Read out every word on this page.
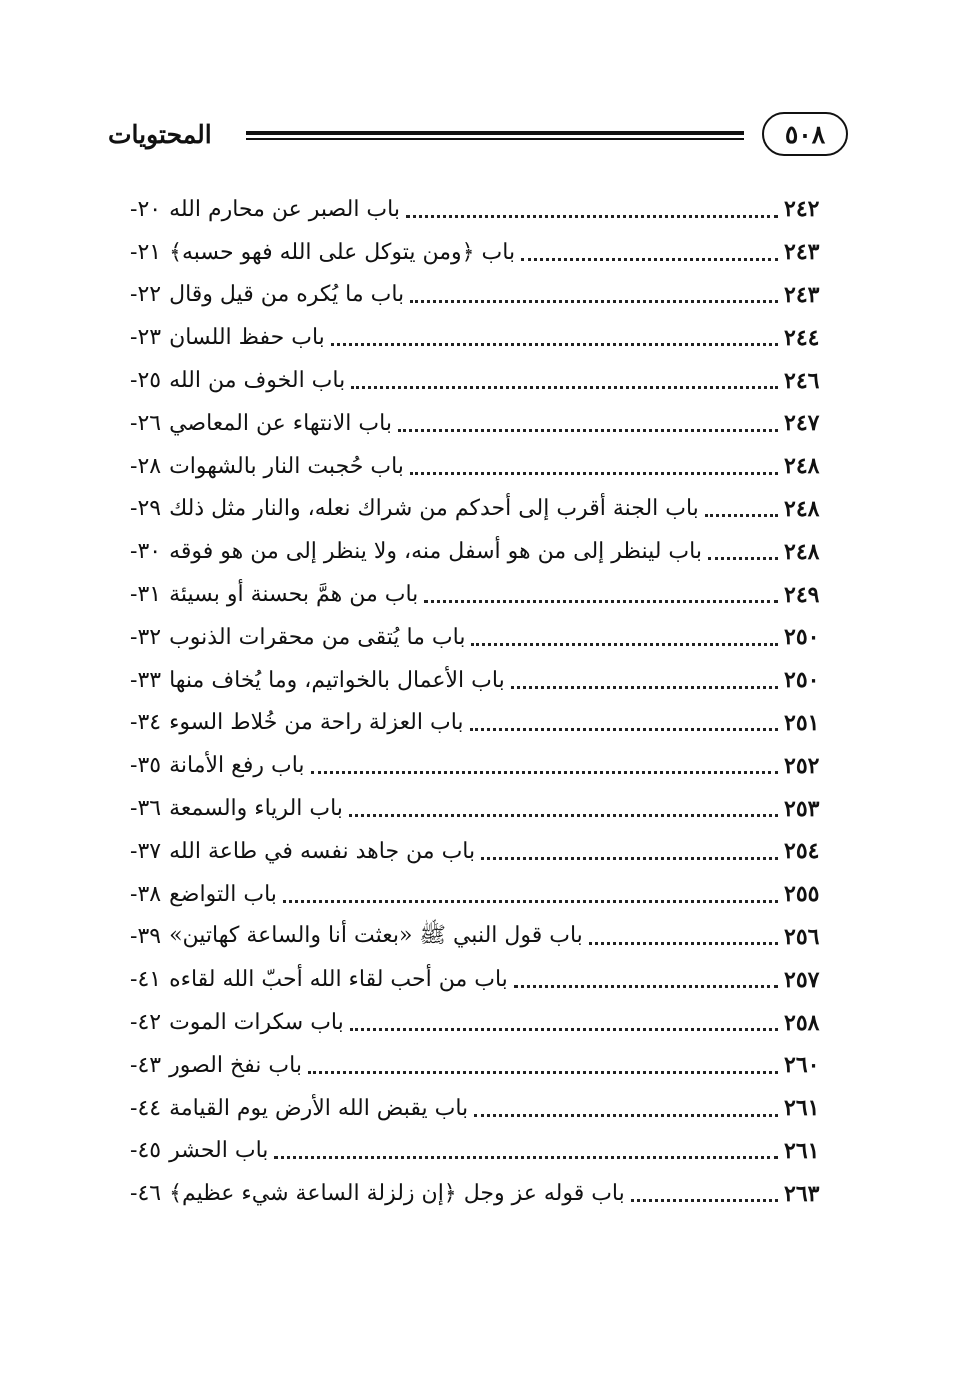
المحتويات	٥٠٨
٢٠- باب الصبر عن محارم الله	٢٤٢
٢١- باب ﴿ومن يتوكل على الله فهو حسبه﴾	٢٤٣
٢٢- باب ما يُكره من قيل وقال	٢٤٣
٢٣- باب حفظ اللسان	٢٤٤
٢٥- باب الخوف من الله	٢٤٦
٢٦- باب الانتهاء عن المعاصي	٢٤٧
٢٨- باب حُجبت النار بالشهوات	٢٤٨
٢٩- باب الجنة أقرب إلى أحدكم من شراك نعله، والنار مثل ذلك	٢٤٨
٣٠- باب لينظر إلى من هو أسفل منه، ولا ينظر إلى من هو فوقه	٢٤٨
٣١- باب من همَّ بحسنة أو بسيئة	٢٤٩
٣٢- باب ما يُتقى من محقرات الذنوب	٢٥٠
٣٣- باب الأعمال بالخواتيم، وما يُخاف منها	٢٥٠
٣٤- باب العزلة راحة من خُلاط السوء	٢٥١
٣٥- باب رفع الأمانة	٢٥٢
٣٦- باب الرياء والسمعة	٢٥٣
٣٧- باب من جاهد نفسه في طاعة الله	٢٥٤
٣٨- باب التواضع	٢٥٥
٣٩- باب قول النبي ﷺ «بعثت أنا والساعة كهاتين»	٢٥٦
٤١- باب من أحب لقاء الله أحبّ الله لقاءه	٢٥٧
٤٢- باب سكرات الموت	٢٥٨
٤٣- باب نفخ الصور	٢٦٠
٤٤- باب يقبض الله الأرض يوم القيامة	٢٦١
٤٥- باب الحشر	٢٦١
٤٦- باب قوله عز وجل ﴿إن زلزلة الساعة شيء عظيم﴾	٢٦٣
